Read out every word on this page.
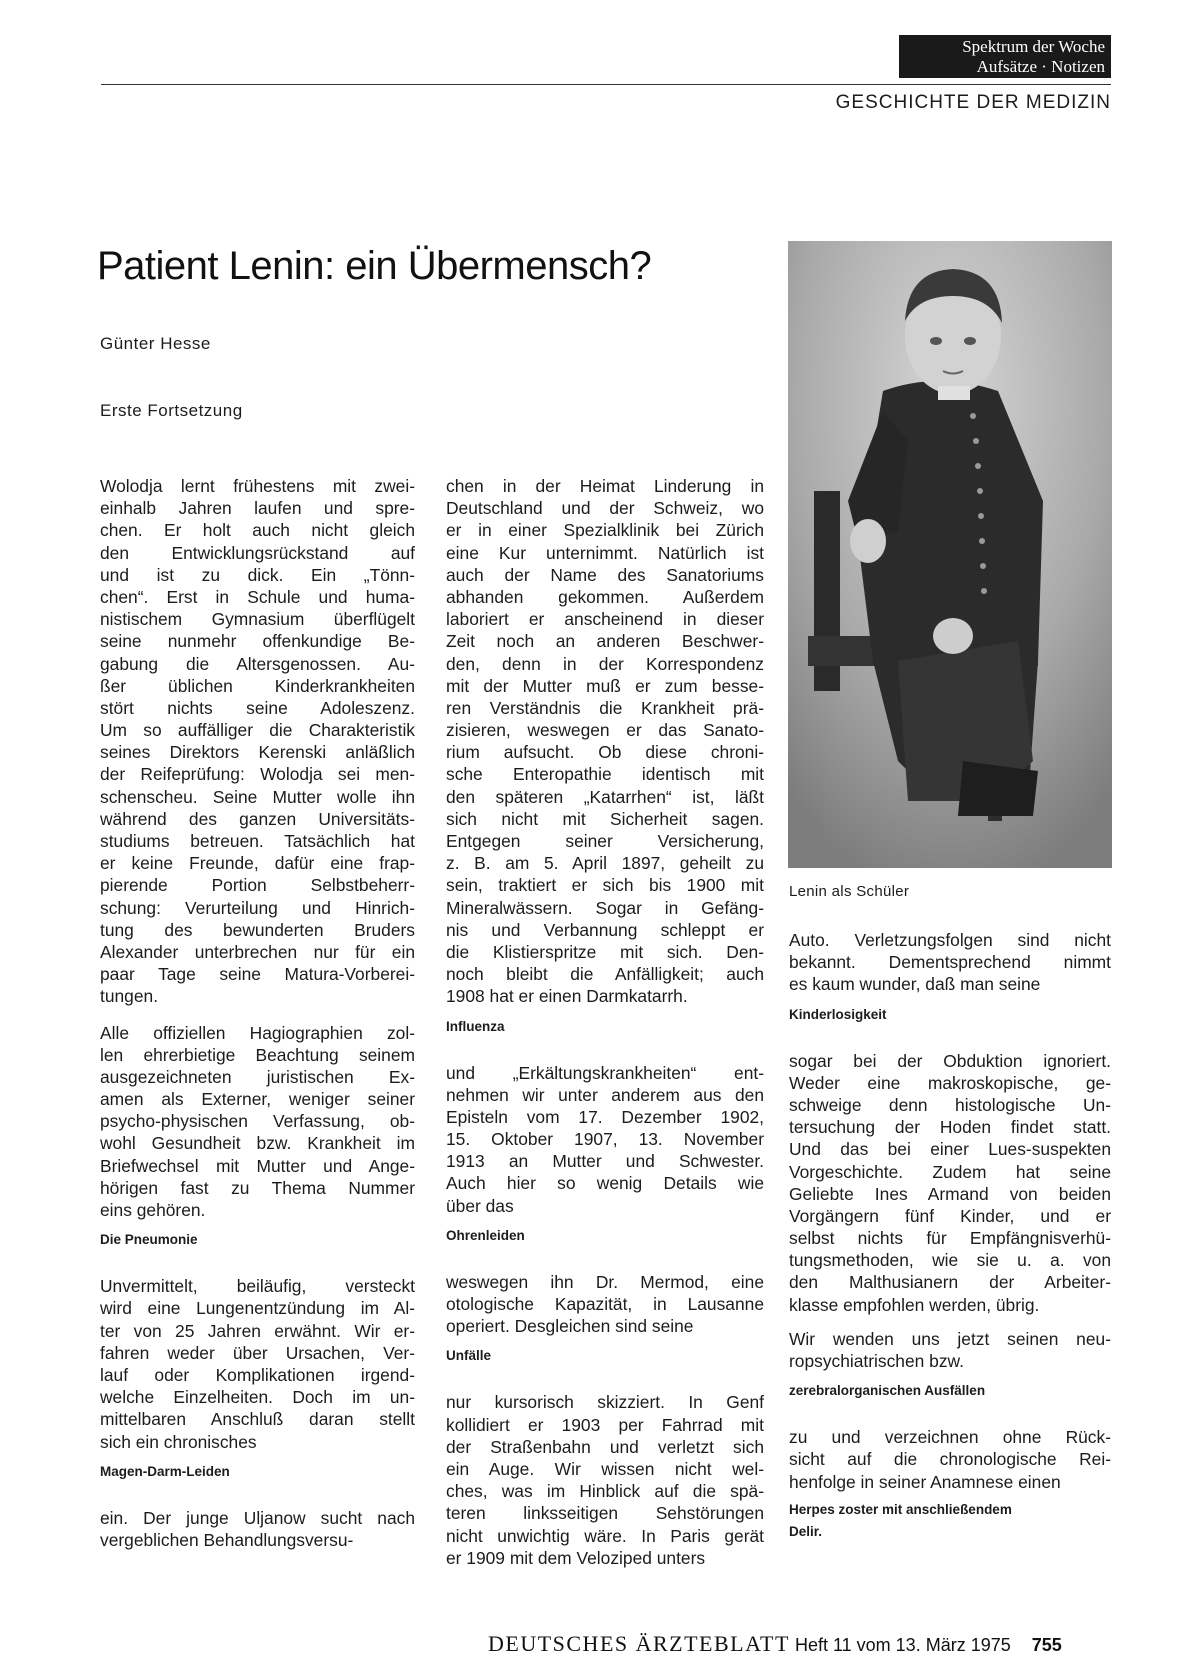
Spektrum der Woche
Aufsätze · Notizen
GESCHICHTE DER MEDIZIN
Patient Lenin: ein Übermensch?
Günter Hesse
Erste Fortsetzung
Lenin als Schüler
Wolodja lernt frühestens mit zwei-
einhalb Jahren laufen und spre-
chen. Er holt auch nicht gleich
den Entwicklungsrückstand auf
und ist zu dick. Ein „Tönn-
chen“. Erst in Schule und huma-
nistischem Gymnasium überflügelt
seine nunmehr offenkundige Be-
gabung die Altersgenossen. Au-
ßer üblichen Kinderkrankheiten
stört nichts seine Adoleszenz.
Um so auffälliger die Charakteristik
seines Direktors Kerenski anläßlich
der Reifeprüfung: Wolodja sei men-
schenscheu. Seine Mutter wolle ihn
während des ganzen Universitäts-
studiums betreuen. Tatsächlich hat
er keine Freunde, dafür eine frap-
pierende Portion Selbstbeherr-
schung: Verurteilung und Hinrich-
tung des bewunderten Bruders
Alexander unterbrechen nur für ein
paar Tage seine Matura-Vorberei-
tungen.
Alle offiziellen Hagiographien zol-
len ehrerbietige Beachtung seinem
ausgezeichneten juristischen Ex-
amen als Externer, weniger seiner
psycho-physischen Verfassung, ob-
wohl Gesundheit bzw. Krankheit im
Briefwechsel mit Mutter und Ange-
hörigen fast zu Thema Nummer
eins gehören.
Die Pneumonie
Unvermittelt, beiläufig, versteckt
wird eine Lungenentzündung im Al-
ter von 25 Jahren erwähnt. Wir er-
fahren weder über Ursachen, Ver-
lauf oder Komplikationen irgend-
welche Einzelheiten. Doch im un-
mittelbaren Anschluß daran stellt
sich ein chronisches
Magen-Darm-Leiden
ein. Der junge Uljanow sucht nach
vergeblichen Behandlungsversu-
chen in der Heimat Linderung in
Deutschland und der Schweiz, wo
er in einer Spezialklinik bei Zürich
eine Kur unternimmt. Natürlich ist
auch der Name des Sanatoriums
abhanden gekommen. Außerdem
laboriert er anscheinend in dieser
Zeit noch an anderen Beschwer-
den, denn in der Korrespondenz
mit der Mutter muß er zum besse-
ren Verständnis die Krankheit prä-
zisieren, weswegen er das Sanato-
rium aufsucht. Ob diese chroni-
sche Enteropathie identisch mit
den späteren „Katarrhen“ ist, läßt
sich nicht mit Sicherheit sagen.
Entgegen seiner Versicherung,
z. B. am 5. April 1897, geheilt zu
sein, traktiert er sich bis 1900 mit
Mineralwässern. Sogar in Gefäng-
nis und Verbannung schleppt er
die Klistierspritze mit sich. Den-
noch bleibt die Anfälligkeit; auch
1908 hat er einen Darmkatarrh.
Influenza
und „Erkältungskrankheiten“ ent-
nehmen wir unter anderem aus den
Episteln vom 17. Dezember 1902,
15. Oktober 1907, 13. November
1913 an Mutter und Schwester.
Auch hier so wenig Details wie
über das
Ohrenleiden
weswegen ihn Dr. Mermod, eine
otologische Kapazität, in Lausanne
operiert. Desgleichen sind seine
Unfälle
nur kursorisch skizziert. In Genf
kollidiert er 1903 per Fahrrad mit
der Straßenbahn und verletzt sich
ein Auge. Wir wissen nicht wel-
ches, was im Hinblick auf die spä-
teren linksseitigen Sehstörungen
nicht unwichtig wäre. In Paris gerät
er 1909 mit dem Veloziped unters
Auto. Verletzungsfolgen sind nicht
bekannt. Dementsprechend nimmt
es kaum wunder, daß man seine
Kinderlosigkeit
sogar bei der Obduktion ignoriert.
Weder eine makroskopische, ge-
schweige denn histologische Un-
tersuchung der Hoden findet statt.
Und das bei einer Lues-suspekten
Vorgeschichte. Zudem hat seine
Geliebte Ines Armand von beiden
Vorgängern fünf Kinder, und er
selbst nichts für Empfängnisverhü-
tungsmethoden, wie sie u. a. von
den Malthusianern der Arbeiter-
klasse empfohlen werden, übrig.
Wir wenden uns jetzt seinen neu-
ropsychiatrischen bzw.
zerebralorganischen Ausfällen
zu und verzeichnen ohne Rück-
sicht auf die chronologische Rei-
henfolge in seiner Anamnese einen
Herpes zoster mit anschließendem
Delir.
DEUTSCHES ÄRZTEBLATT Heft 11 vom 13. März 1975 755
